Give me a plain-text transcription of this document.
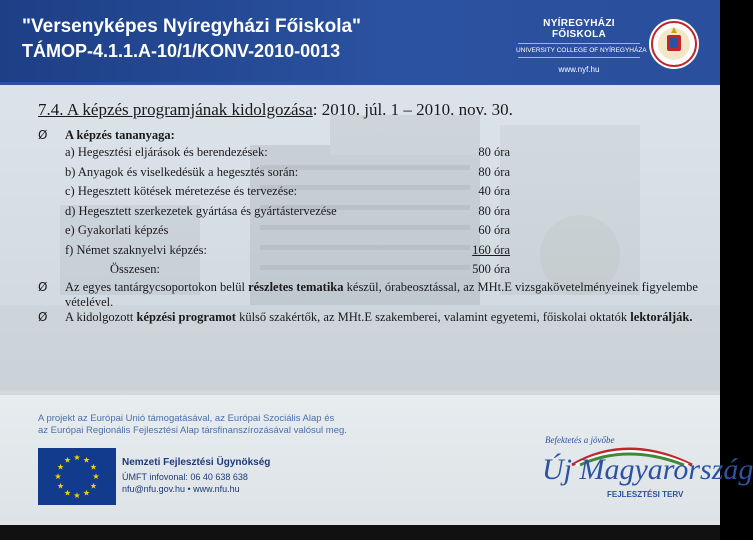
"Versenyképes Nyíregyházi Főiskola"

TÁMOP-4.1.1.A-10/1/KONV-2010-0013

NYÍREGYHÁZI FŐISKOLA
UNIVERSITY COLLEGE OF NYÍREGYHÁZA
www.nyf.hu

7.4. A képzés programjának kidolgozása: 2010. júl. 1 – 2010. nov. 30.

Ø A képzés tananyaga:
a) Hegesztési eljárások és berendezések:	80 óra
b) Anyagok és viselkedésük a hegesztés során:	80 óra
c) Hegesztett kötések méretezése és tervezése:	40 óra
d) Hegesztett szerkezetek gyártása és gyártástervezése	80 óra
e) Gyakorlati képzés	60 óra
f) Német szaknyelvi képzés:	160 óra
Összesen:	500 óra
Ø Az egyes tantárgycsoportokon belül részletes tematika készül, órabeosztással, az MHt.E vizsgakövetelményeinek figyelembe vételével.
Ø A kidolgozott képzési programot külső szakértők, az MHt.E szakemberei, valamint egyetemi, főiskolai oktatók lektorálják.

A projekt az Európai Unió támogatásával, az Európai Szociális Alap és
az Európai Regionális Fejlesztési Alap társfinanszírozásával valósul meg.

Nemzeti Fejlesztési Ügynökség
ÚMFT infovonal: 06 40 638 638
nfu@nfu.gov.hu • www.nfu.hu
Befektetés a jövőbe
Új Magyarország
FEJLESZTÉSI TERV
